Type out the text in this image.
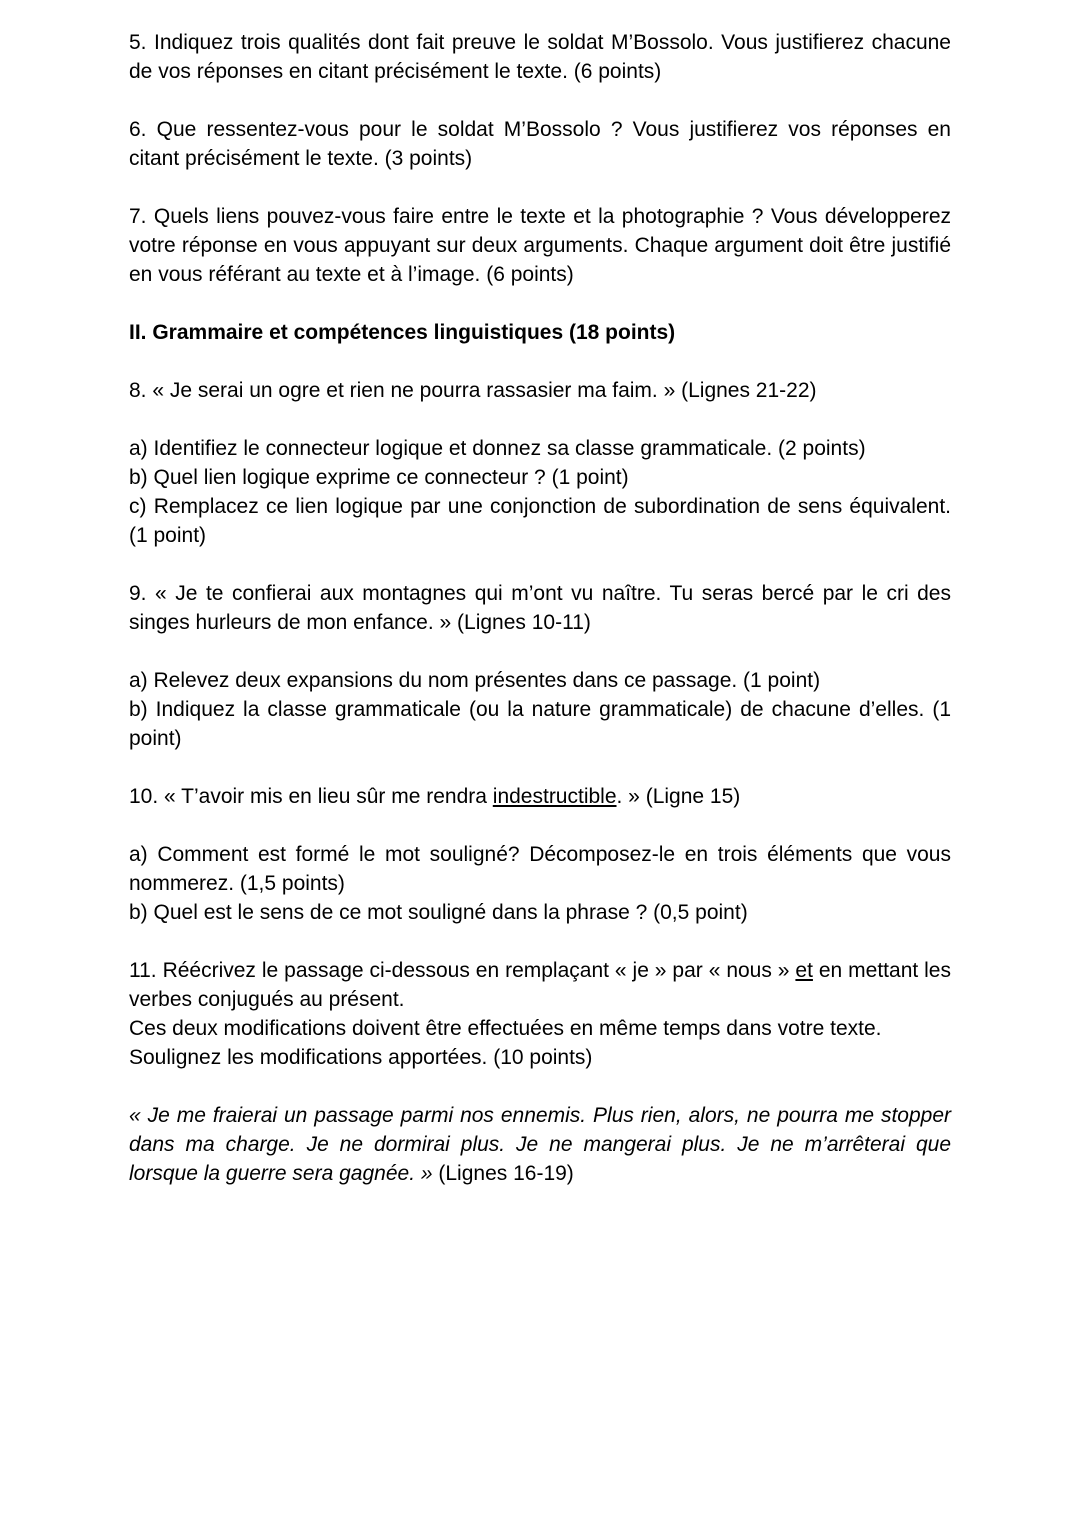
5. Indiquez trois qualités dont fait preuve le soldat M’Bossolo. Vous justifierez chacune de vos réponses en citant précisément le texte. (6 points)

6. Que ressentez-vous pour le soldat M’Bossolo ? Vous justifierez vos réponses en citant précisément le texte. (3 points)

7. Quels liens pouvez-vous faire entre le texte et la photographie ? Vous développerez votre réponse en vous appuyant sur deux arguments. Chaque argument doit être justifié en vous référant au texte et à l’image. (6 points)

II. Grammaire et compétences linguistiques (18 points)

8. « Je serai un ogre et rien ne pourra rassasier ma faim. » (Lignes 21-22)

a) Identifiez le connecteur logique et donnez sa classe grammaticale. (2 points)
b) Quel lien logique exprime ce connecteur ? (1 point)
c) Remplacez ce lien logique par une conjonction de subordination de sens équivalent. (1 point)

9. « Je te confierai aux montagnes qui m’ont vu naître. Tu seras bercé par le cri des singes hurleurs de mon enfance. » (Lignes 10-11)

a) Relevez deux expansions du nom présentes dans ce passage. (1 point)
b) Indiquez la classe grammaticale (ou la nature grammaticale) de chacune d’elles. (1 point)

10. « T’avoir mis en lieu sûr me rendra indestructible. » (Ligne 15)

a) Comment est formé le mot souligné? Décomposez-le en trois éléments que vous nommerez. (1,5 points)
b) Quel est le sens de ce mot souligné dans la phrase ? (0,5 point)
11. Réécrivez le passage ci-dessous en remplaçant « je » par « nous » et en mettant les verbes conjugués au présent.
Ces deux modifications doivent être effectuées en même temps dans votre texte.
Soulignez les modifications apportées. (10 points)

« Je me fraierai un passage parmi nos ennemis. Plus rien, alors, ne pourra me stopper dans ma charge. Je ne dormirai plus. Je ne mangerai plus. Je ne m’arrêterai que lorsque la guerre sera gagnée. » (Lignes 16-19)
